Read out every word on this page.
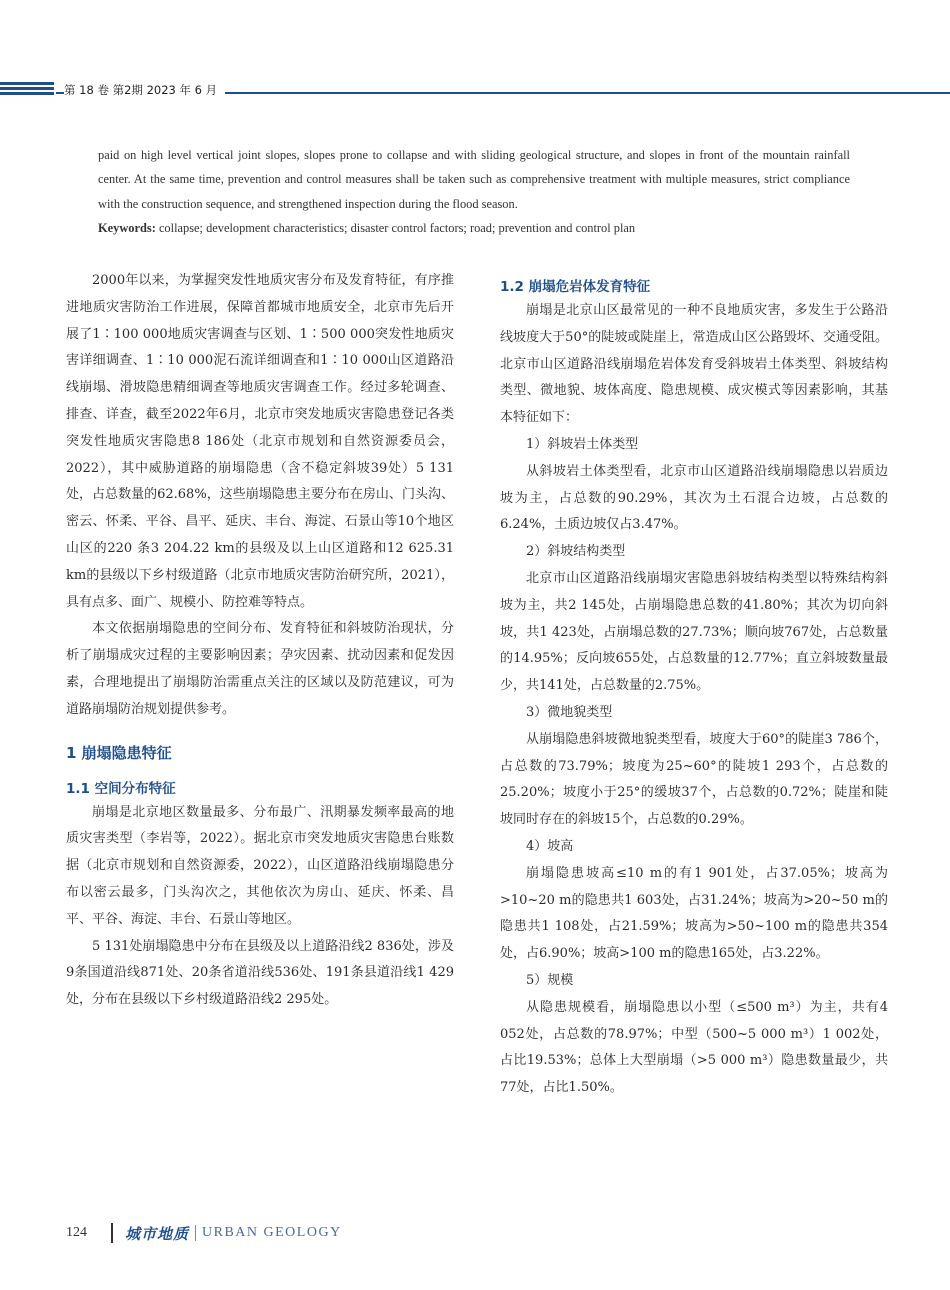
第 18 卷 第2期 2023 年 6 月

paid on high level vertical joint slopes, slopes prone to collapse and with sliding geological structure, and slopes in front of the mountain rainfall center. At the same time, prevention and control measures shall be taken such as comprehensive treatment with multiple measures, strict compliance with the construction sequence, and strengthened inspection during the flood season.

Keywords: collapse; development characteristics; disaster control factors; road; prevention and control plan

2000年以来，为掌握突发性地质灾害分布及发育特征，有序推进地质灾害防治工作进展，保障首都城市地质安全，北京市先后开展了1∶100 000地质灾害调查与区划、1∶500 000突发性地质灾害详细调查、1∶10 000泥石流详细调查和1∶10 000山区道路沿线崩塌、滑坡隐患精细调查等地质灾害调查工作。经过多轮调查、排查、详查，截至2022年6月，北京市突发地质灾害隐患登记各类突发性地质灾害隐患8 186处（北京市规划和自然资源委员会，2022），其中威胁道路的崩塌隐患（含不稳定斜坡39处）5 131处，占总数量的62.68%，这些崩塌隐患主要分布在房山、门头沟、密云、怀柔、平谷、昌平、延庆、丰台、海淀、石景山等10个地区山区的220 条3 204.22 km的县级及以上山区道路和12 625.31 km的县级以下乡村级道路（北京市地质灾害防治研究所，2021），具有点多、面广、规模小、防控难等特点。

本文依据崩塌隐患的空间分布、发育特征和斜坡防治现状，分析了崩塌成灾过程的主要影响因素；孕灾因素、扰动因素和促发因素，合理地提出了崩塌防治需重点关注的区域以及防范建议，可为道路崩塌防治规划提供参考。

1 崩塌隐患特征
1.1 空间分布特征

崩塌是北京地区数量最多、分布最广、汛期暴发频率最高的地质灾害类型（李岩等，2022）。据北京市突发地质灾害隐患台账数据（北京市规划和自然资源委，2022），山区道路沿线崩塌隐患分布以密云最多，门头沟次之，其他依次为房山、延庆、怀柔、昌平、平谷、海淀、丰台、石景山等地区。

5 131处崩塌隐患中分布在县级及以上道路沿线2 836处，涉及9条国道沿线871处、20条省道沿线536处、191条县道沿线1 429处，分布在县级以下乡村级道路沿线2 295处。

1.2 崩塌危岩体发育特征

崩塌是北京山区最常见的一种不良地质灾害，多发生于公路沿线坡度大于50°的陡坡或陡崖上，常造成山区公路毁坏、交通受阻。北京市山区道路沿线崩塌危岩体发育受斜坡岩土体类型、斜坡结构类型、微地貌、坡体高度、隐患规模、成灾模式等因素影响，其基本特征如下：

1）斜坡岩土体类型

从斜坡岩土体类型看，北京市山区道路沿线崩塌隐患以岩质边坡为主，占总数的90.29%，其次为土石混合边坡，占总数的6.24%，土质边坡仅占3.47%。

2）斜坡结构类型

北京市山区道路沿线崩塌灾害隐患斜坡结构类型以特殊结构斜坡为主，共2 145处，占崩塌隐患总数的41.80%；其次为切向斜坡，共1 423处，占崩塌总数的27.73%；顺向坡767处，占总数量的14.95%；反向坡655处，占总数量的12.77%；直立斜坡数量最少，共141处，占总数量的2.75%。

3）微地貌类型

从崩塌隐患斜坡微地貌类型看，坡度大于60°的陡崖3 786个，占总数的73.79%；坡度为25~60°的陡坡1 293个，占总数的25.20%；坡度小于25°的缓坡37个，占总数的0.72%；陡崖和陡坡同时存在的斜坡15个，占总数的0.29%。

4）坡高

崩塌隐患坡高≤10 m的有1 901处，占37.05%；坡高为>10~20 m的隐患共1 603处，占31.24%；坡高为>20~50 m的隐患共1 108处，占21.59%；坡高为>50~100 m的隐患共354处，占6.90%；坡高>100 m的隐患165处，占3.22%。

5）规模

从隐患规模看，崩塌隐患以小型（≤500 m³）为主，共有4 052处，占总数的78.97%；中型（500~5 000 m³）1 002处，占比19.53%；总体上大型崩塌（>5 000 m³）隐患数量最少，共77处，占比1.50%。

124	城市地质 URBAN GEOLOGY
